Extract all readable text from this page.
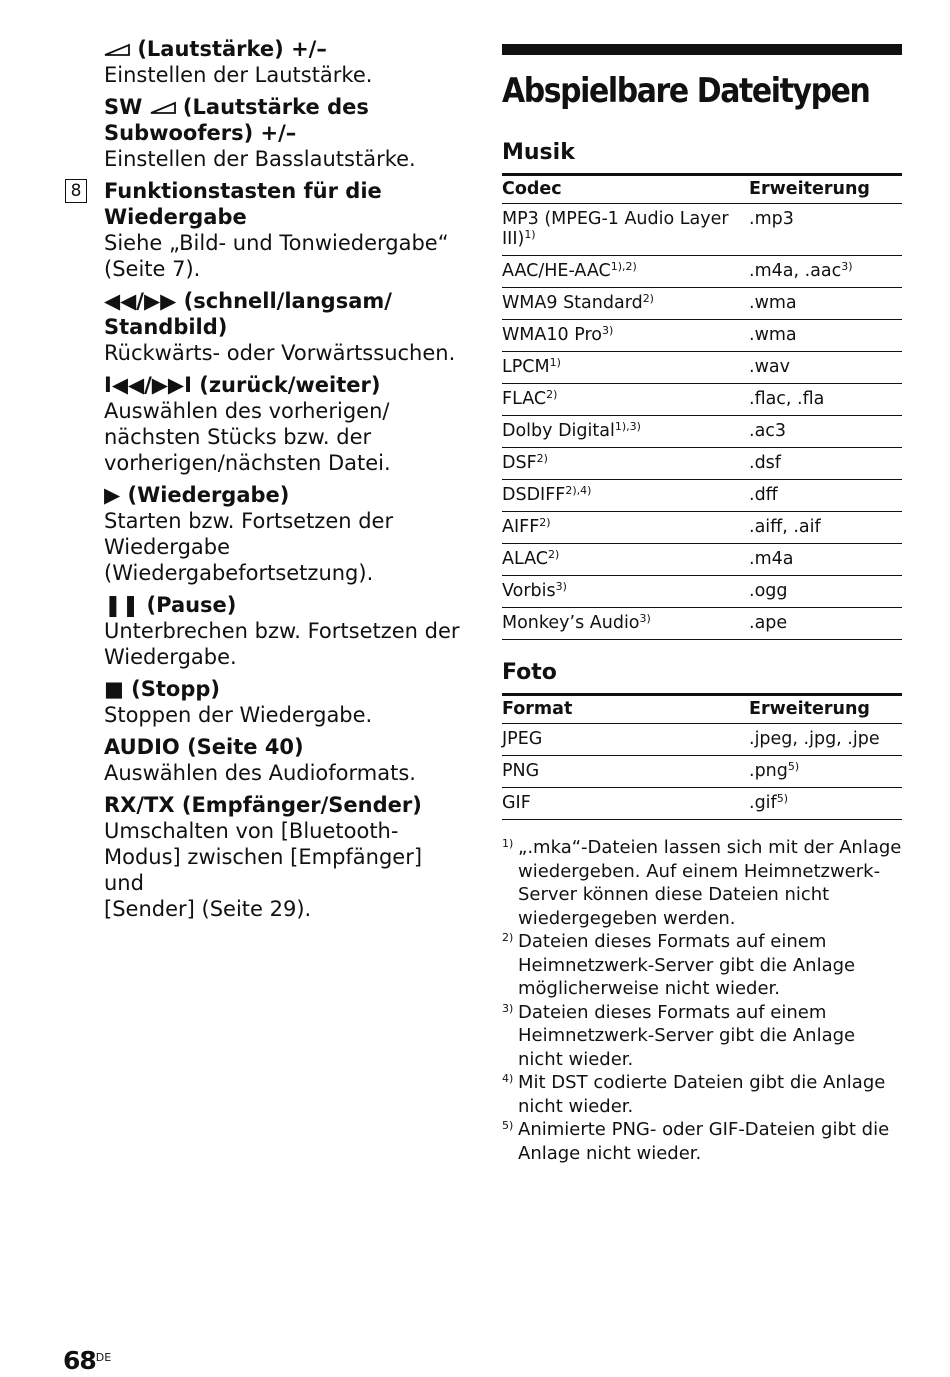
(Lautstärke) +/–
Einstellen der Lautstärke.
SW (Lautstärke des
Subwoofers) +/–
Einstellen der Basslautstärke.
8 Funktionstasten für die
Wiedergabe
Siehe „Bild- und Tonwiedergabe“
(Seite 7).
◀◀/▶▶ (schnell/langsam/
Standbild)
Rückwärts- oder Vorwärtssuchen.
I◀◀/▶▶I (zurück/weiter)
Auswählen des vorherigen/
nächsten Stücks bzw. der
vorherigen/nächsten Datei.
▶ (Wiedergabe)
Starten bzw. Fortsetzen der
Wiedergabe
(Wiedergabefortsetzung).
❚❚ (Pause)
Unterbrechen bzw. Fortsetzen der
Wiedergabe.
■ (Stopp)
Stoppen der Wiedergabe.
AUDIO (Seite 40)
Auswählen des Audioformats.
RX/TX (Empfänger/Sender)
Umschalten von [Bluetooth-
Modus] zwischen [Empfänger] und
[Sender] (Seite 29).
Abspielbare Dateitypen
Musik
Codec	Erweiterung
MP3 (MPEG-1 Audio Layer III)$^{1)}$	.mp3
AAC/$HE-AAC^{1),2)}$	.m4a, .aac$^{3)}$
WMA9 Standard$^{2)}$	.wma
WMA10 Pro$^{3)}$	.wma
LPCM$^{1)}$	.wav
FLAC$^{2)}$	.flac, .fla
Dolby Digital$^{1),3)}$	.ac3
DSF$^{2)}$	.dsf
$DSDIFF^{2),4)}$	.dff
AIFF$^{2)}$	.aiff, .aif
ALAC$^{2)}$	.m4a
Vorbis$^{3)}$	.ogg
Monkey’s Audio$^{3)}$	.ape
Foto
Format	Erweiterung
JPEG	.jpeg, .jpg, .jpe
PNG	.png$^{5)}$
GIF	.gif$^{5)}$
1) „.mka“-Dateien lassen sich mit der Anlage wiedergeben. Auf einem Heimnetzwerk-Server können diese Dateien nicht wiedergegeben werden.
2) Dateien dieses Formats auf einem Heimnetzwerk-Server gibt die Anlage möglicherweise nicht wieder.
3) Dateien dieses Formats auf einem Heimnetzwerk-Server gibt die Anlage nicht wieder.
4) Mit DST codierte Dateien gibt die Anlage nicht wieder.
5) Animierte PNG- oder GIF-Dateien gibt die Anlage nicht wieder.
68DE
